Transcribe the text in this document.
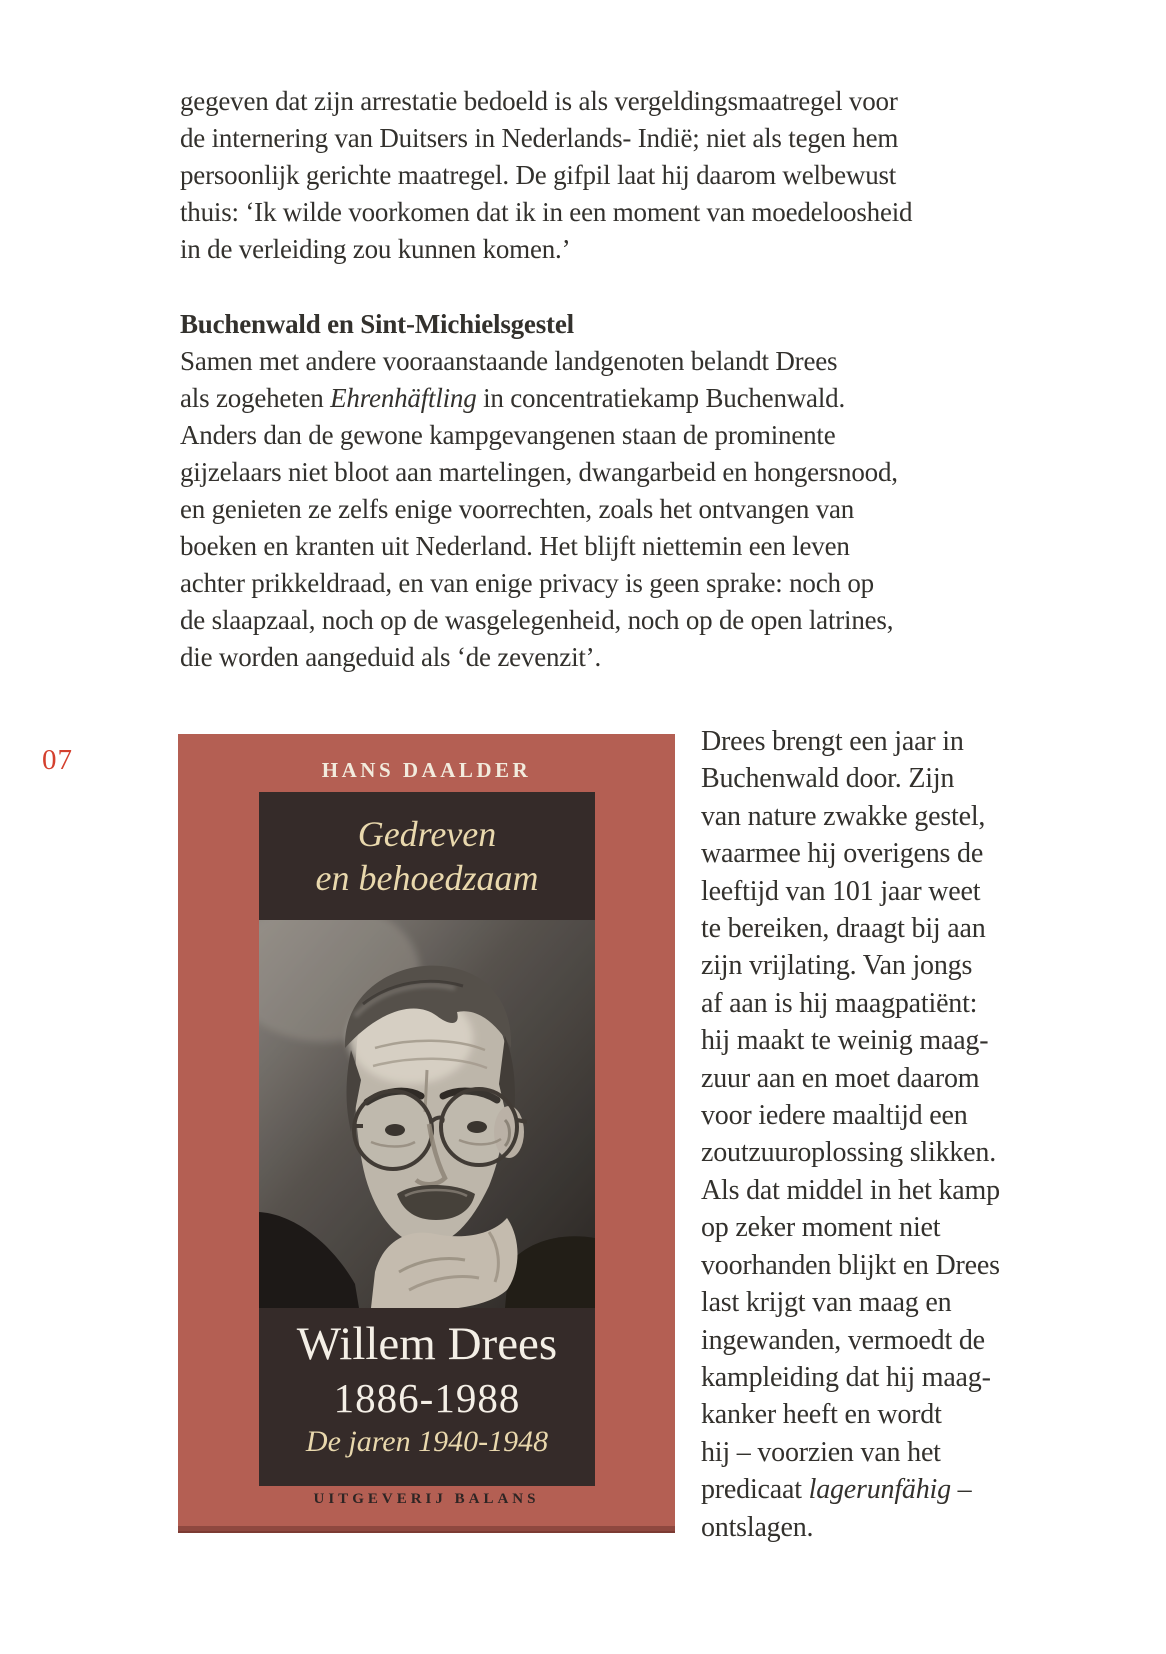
07
gegeven dat zijn arrestatie bedoeld is als vergeldingsmaatregel voor
de internering van Duitsers in Nederlands- Indië; niet als tegen hem
persoonlijk gerichte maatregel. De gifpil laat hij daarom welbewust
thuis: ‘Ik wilde voorkomen dat ik in een moment van moedeloosheid
in de verleiding zou kunnen komen.’
Buchenwald en Sint-Michielsgestel
Samen met andere vooraanstaande landgenoten belandt Drees
als zogeheten Ehrenhäftling in concentratiekamp Buchenwald.
Anders dan de gewone kampgevangenen staan de prominente
gijzelaars niet bloot aan martelingen, dwangarbeid en hongersnood,
en genieten ze zelfs enige voorrechten, zoals het ontvangen van
boeken en kranten uit Nederland. Het blijft niettemin een leven
achter prikkeldraad, en van enige privacy is geen sprake: noch op
de slaapzaal, noch op de wasgelegenheid, noch op de open latrines,
die worden aangeduid als ‘de zevenzit’.
HANS DAALDER
Gedreven
en behoedzaam
Willem Drees
1886-1988
De jaren 1940-1948
UITGEVERIJ BALANS
Drees brengt een jaar in
Buchenwald door. Zijn
van nature zwakke gestel,
waarmee hij overigens de
leeftijd van 101 jaar weet
te bereiken, draagt bij aan
zijn vrijlating. Van jongs
af aan is hij maagpatiënt:
hij maakt te weinig maag-
zuur aan en moet daarom
voor iedere maaltijd een
zoutzuuroplossing slikken.
Als dat middel in het kamp
op zeker moment niet
voorhanden blijkt en Drees
last krijgt van maag en
ingewanden, vermoedt de
kampleiding dat hij maag-
kanker heeft en wordt
hij – voorzien van het
predicaat lagerunfähig –
ontslagen.
